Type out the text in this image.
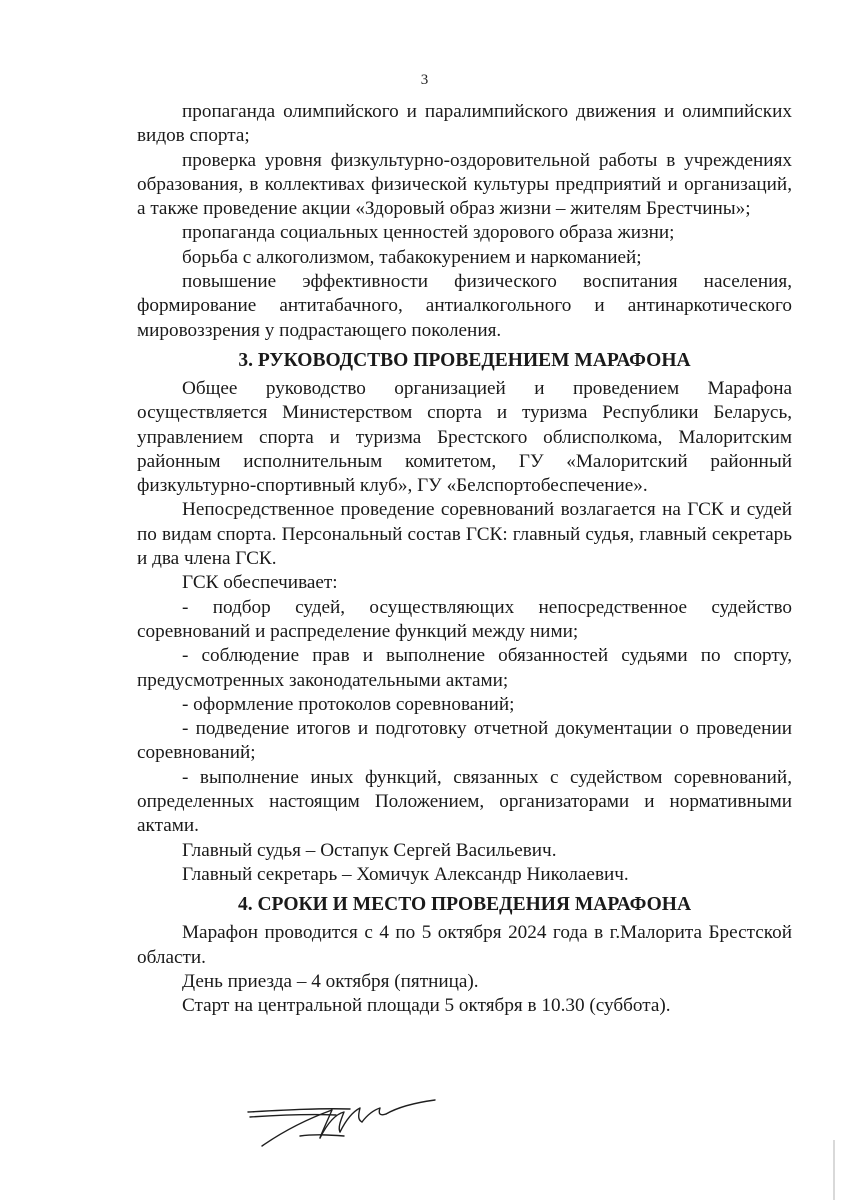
3

пропаганда олимпийского и паралимпийского движения и олимпийских видов спорта;

проверка уровня физкультурно-оздоровительной работы в учреждениях образования, в коллективах физической культуры предприятий и организаций, а также проведение акции «Здоровый образ жизни – жителям Брестчины»;

пропаганда социальных ценностей здорового образа жизни;

борьба с алкоголизмом, табакокурением и наркоманией;

повышение эффективности физического воспитания населения, формирование антитабачного, антиалкогольного и антинаркотического мировоззрения у подрастающего поколения.

3. РУКОВОДСТВО ПРОВЕДЕНИЕМ МАРАФОНА

Общее руководство организацией и проведением Марафона осуществляется Министерством спорта и туризма Республики Беларусь, управлением спорта и туризма Брестского облисполкома, Малоритским районным исполнительным комитетом, ГУ «Малоритский районный физкультурно-спортивный клуб», ГУ «Белспортобеспечение».

Непосредственное проведение соревнований возлагается на ГСК и судей по видам спорта. Персональный состав ГСК: главный судья, главный секретарь и два члена ГСК.

ГСК обеспечивает:

- подбор судей, осуществляющих непосредственное судейство соревнований и распределение функций между ними;

- соблюдение прав и выполнение обязанностей судьями по спорту, предусмотренных законодательными актами;

- оформление протоколов соревнований;

- подведение итогов и подготовку отчетной документации о проведении соревнований;

- выполнение иных функций, связанных с судейством соревнований, определенных настоящим Положением, организаторами и нормативными актами.

Главный судья – Остапук Сергей Васильевич.

Главный секретарь – Хомичук Александр Николаевич.

4. СРОКИ И МЕСТО ПРОВЕДЕНИЯ МАРАФОНА

Марафон проводится с 4 по 5 октября 2024 года в г.Малорита Брестской области.

День приезда – 4 октября (пятница).

Старт на центральной площади 5 октября в 10.30 (суббота).
